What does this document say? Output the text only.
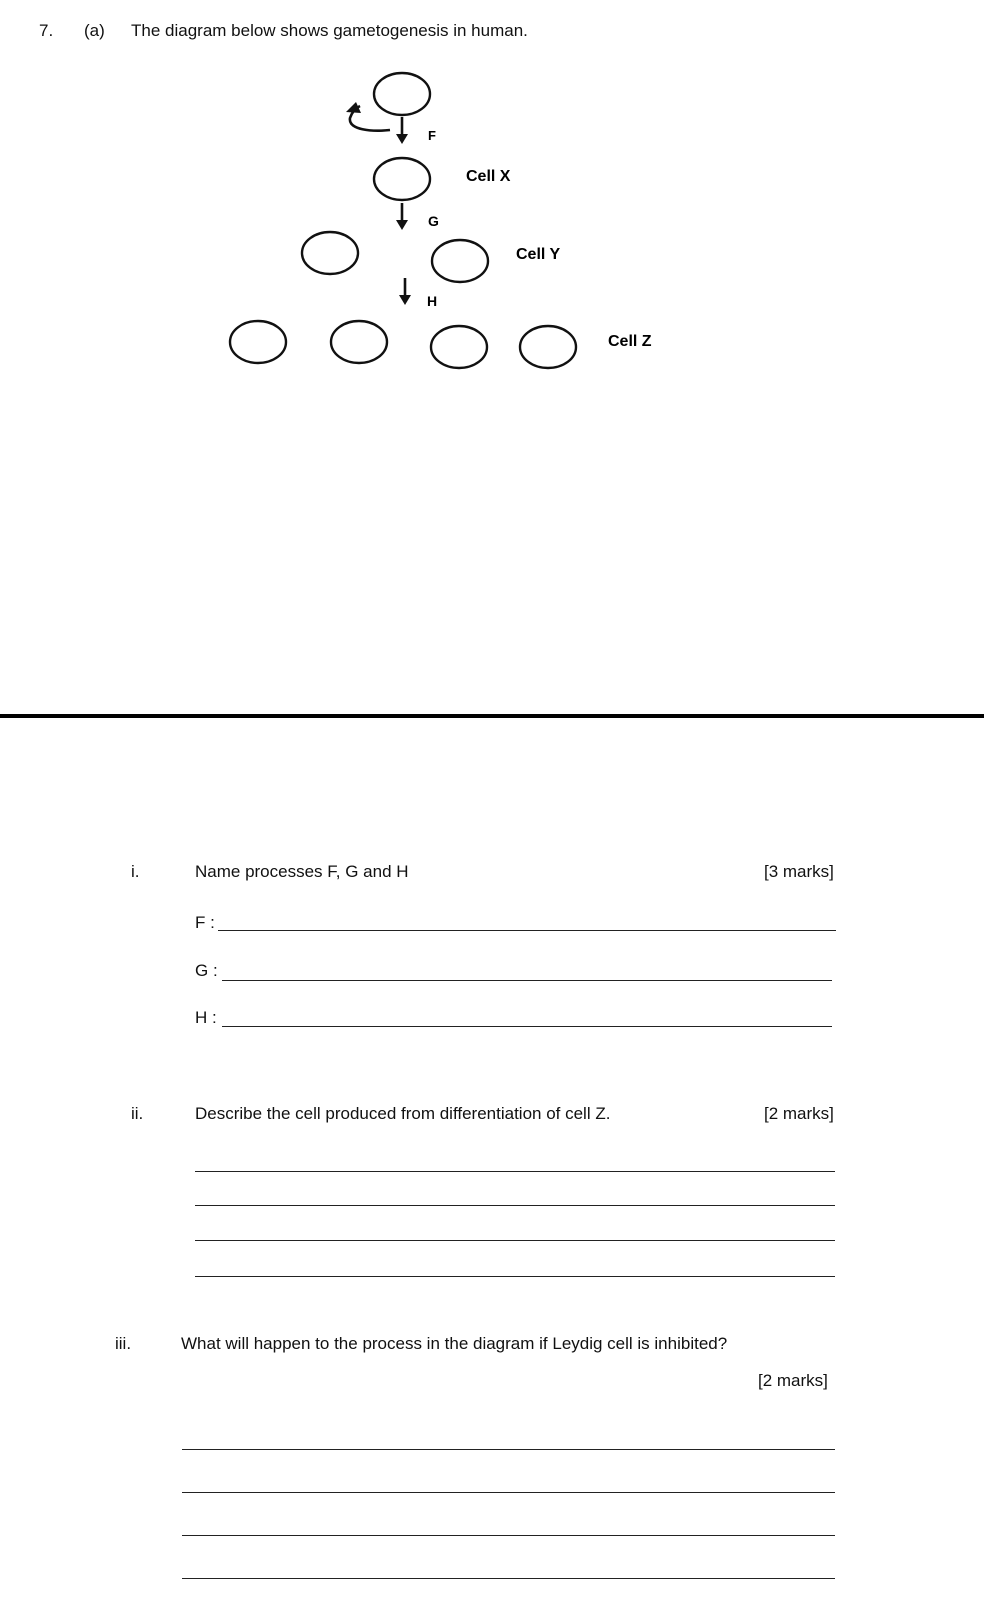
7. (a) The diagram below shows gametogenesis in human.
F
Cell X
G
Cell Y
H
Cell Z
i.	Name processes F, G and H	[3 marks]
F :
G :
H :
ii.	Describe the cell produced from differentiation of cell Z.	[2 marks]
iii.	What will happen to the process in the diagram if Leydig cell is inhibited?
[2 marks]
